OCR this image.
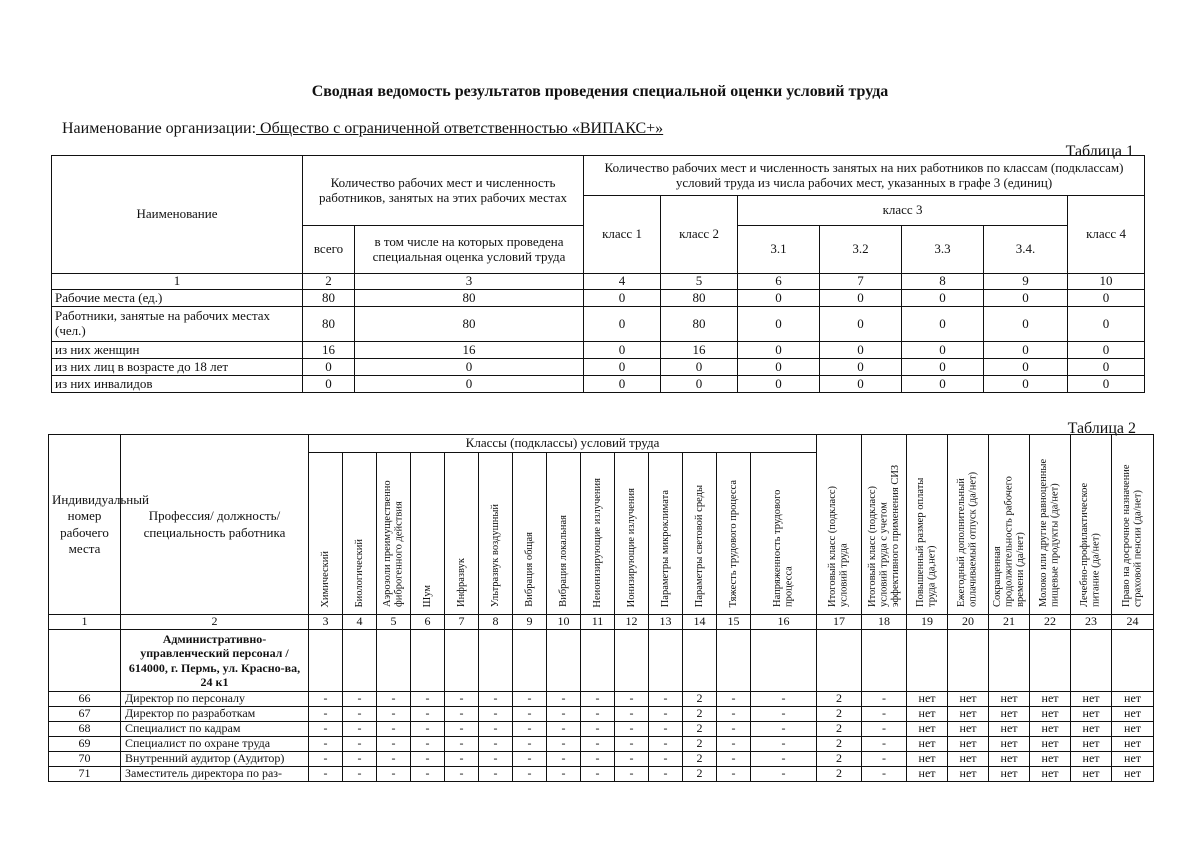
Сводная ведомость результатов проведения специальной оценки условий труда
Наименование организации: Общество с ограниченной ответственностью «ВИПАКС+»
Таблица 1
Наименование	Количество рабочих мест и численность работников, занятых на этих рабочих местах		Количество рабочих мест и численность занятых на них работников по классам (подклассам) условий труда из числа рабочих мест, указанных в графе 3 (единиц)						
			класс 1	класс 2	класс 3				класс 4
	всего	в том числе на которых проведена специальная оценка условий труда			3.1	3.2	3.3	3.4.	
1	2	3	4	5	6	7	8	9	10
Рабочие места (ед.)	80	80	0	80	0	0	0	0	0
Работники, занятые на рабочих местах (чел.)	80	80	0	80	0	0	0	0	0
из них женщин	16	16	0	16	0	0	0	0	0
из них лиц в возрасте до 18 лет	0	0	0	0	0	0	0	0	0
из них инвалидов	0	0	0	0	0	0	0	0	0
Таблица 2
Индивидуальный номер рабочего места	Профессия/ должность/ специальность работника	Классы (подклассы) условий труда														Итоговый класс (подкласс) условий труда	Итоговый класс (подкласс) условий труда с учетом эффективного применения СИЗ	Повышенный размер оплаты труда (да,нет)	Ежегодный дополнительный оплачиваемый отпуск (да/нет)	Сокращенная продолжительность рабочего времени (да/нет)	Молоко или другие равноценные пищевые продукты (да/нет)	Лечебно-профилактическое питание (да/нет)	Право на досрочное назначение страховой пенсии (да/нет)
		Химический	Биологический	Аэрозоли преимущественно фиброгенного действия	Шум	Инфразвук	Ультразвук воздушный	Вибрация общая	Вибрация локальная	Неионизирующие излучения	Ионизирующие излучения	Параметры микроклимата	Параметры световой среды	Тяжесть трудового процесса	Напряженность трудового процесса								
1	2	3	4	5	6	7	8	9	10	11	12	13	14	15	16	17	18	19	20	21	22	23	24
	Административно-управленческий персонал / 614000, г. Пермь, ул. Красно-ва, 24 к1																						
66	Директор по персоналу	-	-	-	-	-	-	-	-	-	-	-	2	-	-	2	-	нет	нет	нет	нет	нет	нет
67	Директор по разработкам	-	-	-	-	-	-	-	-	-	-	-	2	-	-	2	-	нет	нет	нет	нет	нет	нет
68	Специалист по кадрам	-	-	-	-	-	-	-	-	-	-	-	2	-	-	2	-	нет	нет	нет	нет	нет	нет
69	Специалист по охране труда	-	-	-	-	-	-	-	-	-	-	-	2	-	-	2	-	нет	нет	нет	нет	нет	нет
70	Внутренний аудитор (Аудитор)	-	-	-	-	-	-	-	-	-	-	-	2	-	-	2	-	нет	нет	нет	нет	нет	нет
71	Заместитель директора по раз-	-	-	-	-	-	-	-	-	-	-	-	2	-	-	2	-	нет	нет	нет	нет	нет	нет
